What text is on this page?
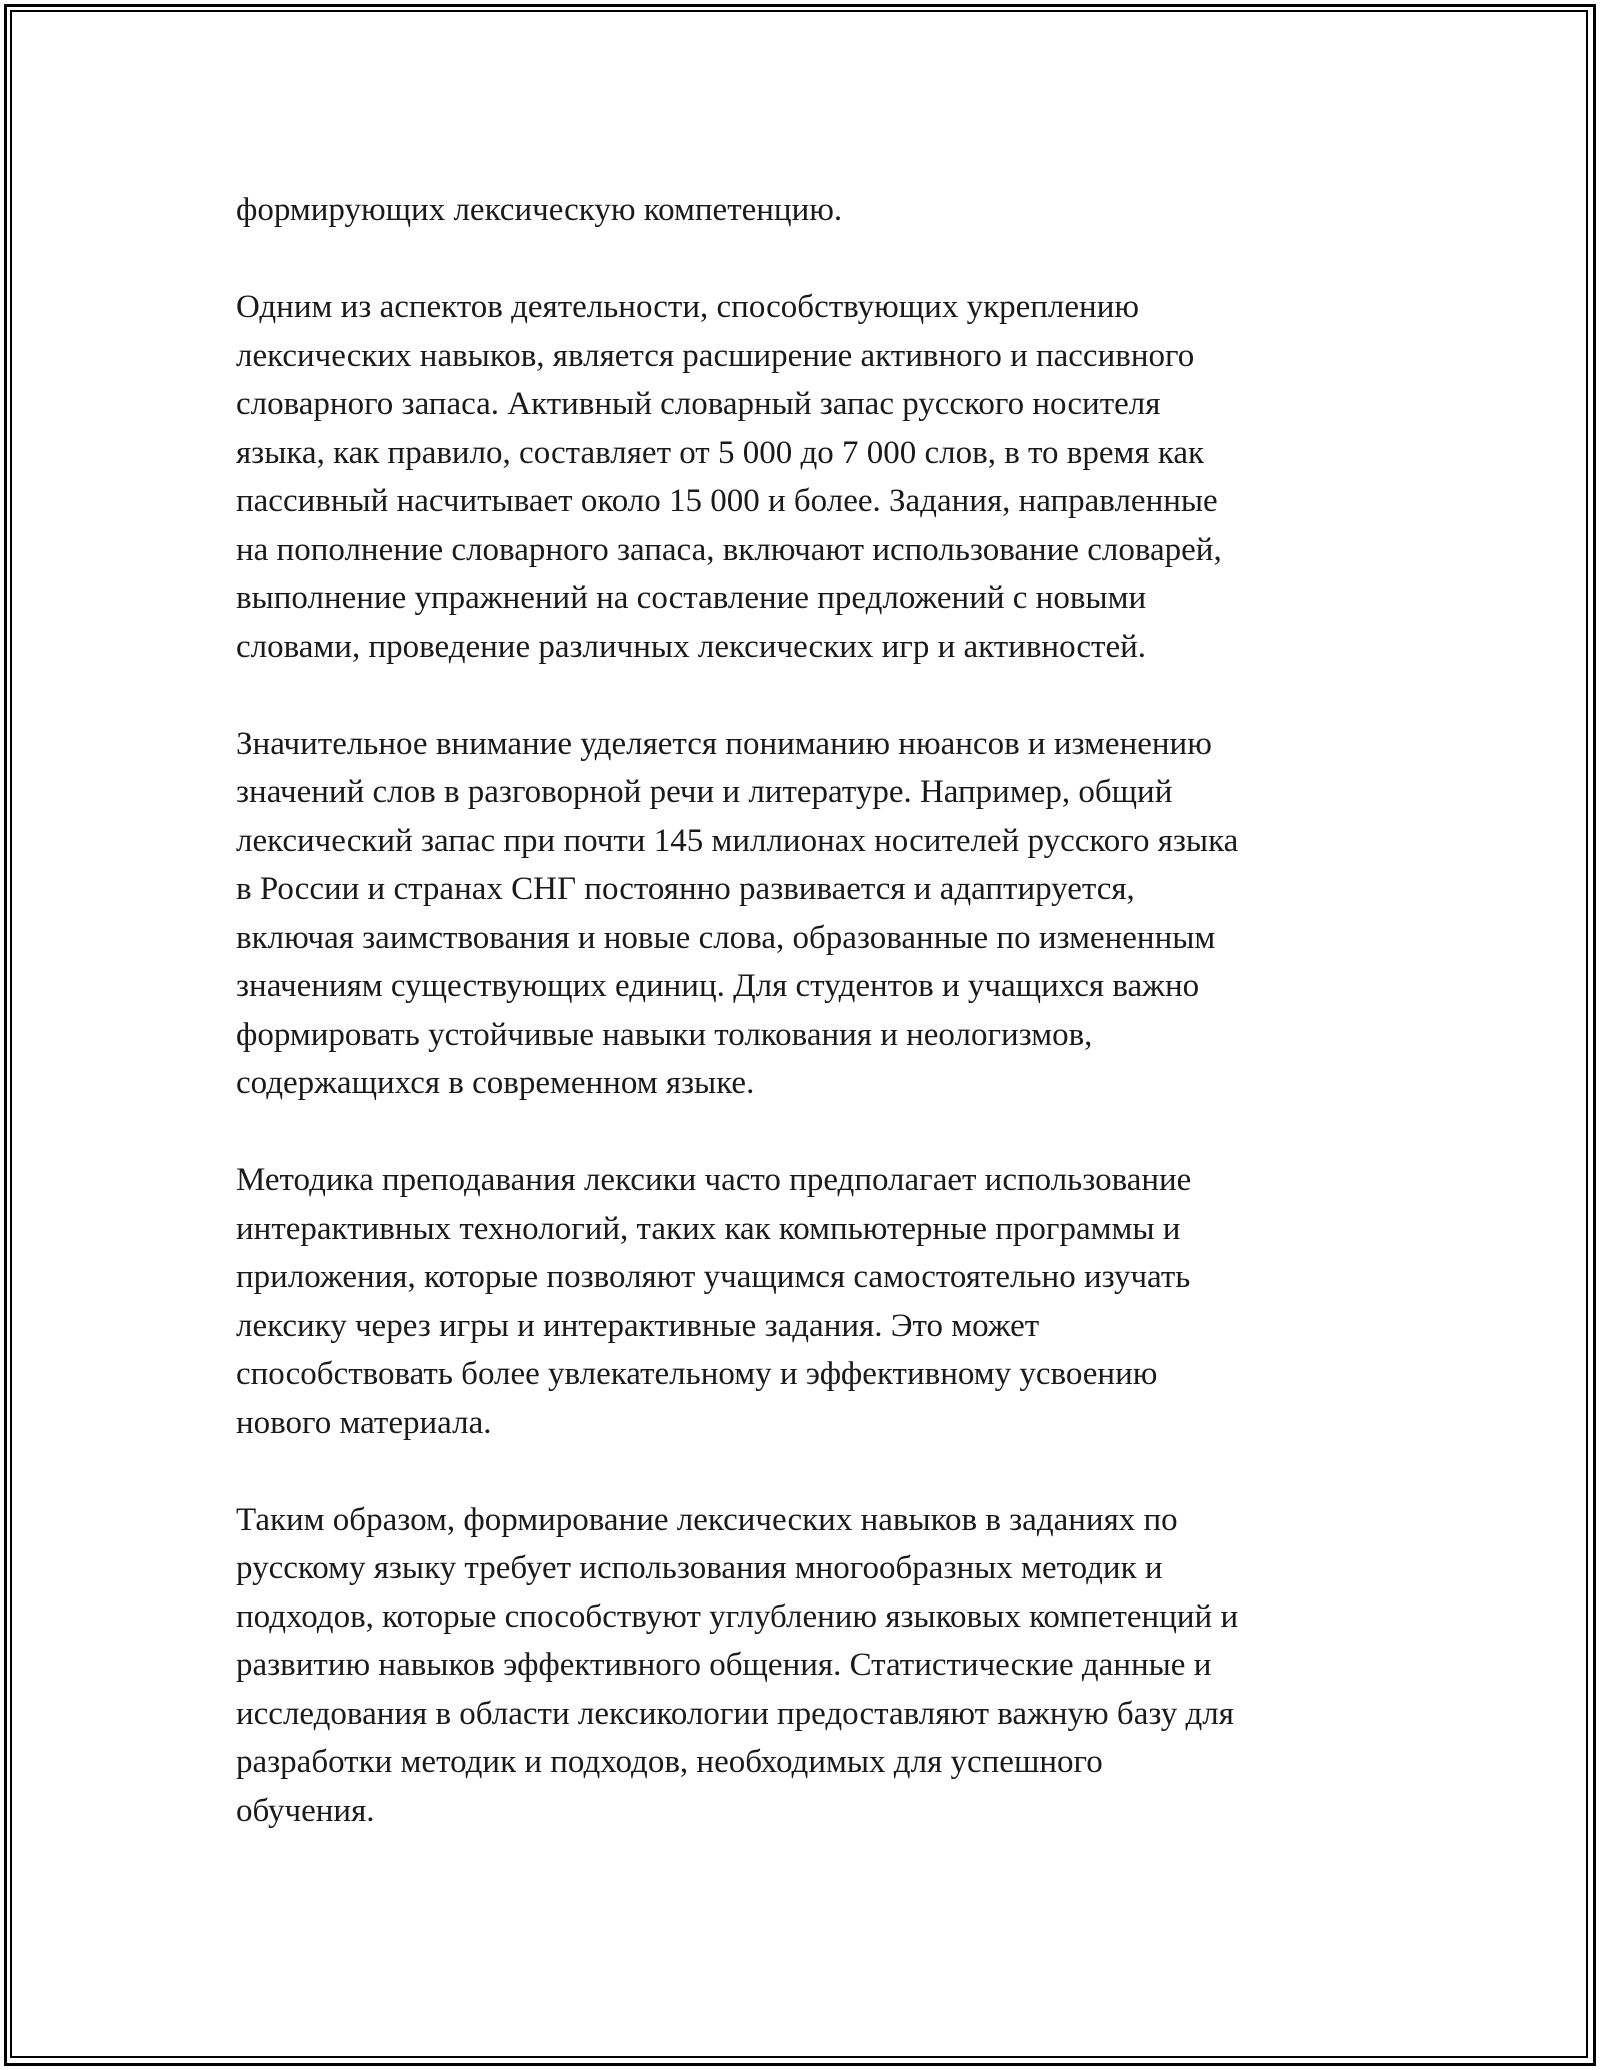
формирующих лексическую компетенцию.

Одним из аспектов деятельности, способствующих укреплению
лексических навыков, является расширение активного и пассивного
словарного запаса. Активный словарный запас русского носителя
языка, как правило, составляет от 5 000 до 7 000 слов, в то время как
пассивный насчитывает около 15 000 и более. Задания, направленные
на пополнение словарного запаса, включают использование словарей,
выполнение упражнений на составление предложений с новыми
словами, проведение различных лексических игр и активностей.

Значительное внимание уделяется пониманию нюансов и изменению
значений слов в разговорной речи и литературе. Например, общий
лексический запас при почти 145 миллионах носителей русского языка
в России и странах СНГ постоянно развивается и адаптируется,
включая заимствования и новые слова, образованные по измененным
значениям существующих единиц. Для студентов и учащихся важно
формировать устойчивые навыки толкования и неологизмов,
содержащихся в современном языке.

Методика преподавания лексики часто предполагает использование
интерактивных технологий, таких как компьютерные программы и
приложения, которые позволяют учащимся самостоятельно изучать
лексику через игры и интерактивные задания. Это может
способствовать более увлекательному и эффективному усвоению
нового материала.

Таким образом, формирование лексических навыков в заданиях по
русскому языку требует использования многообразных методик и
подходов, которые способствуют углублению языковых компетенций и
развитию навыков эффективного общения. Статистические данные и
исследования в области лексикологии предоставляют важную базу для
разработки методик и подходов, необходимых для успешного
обучения.
